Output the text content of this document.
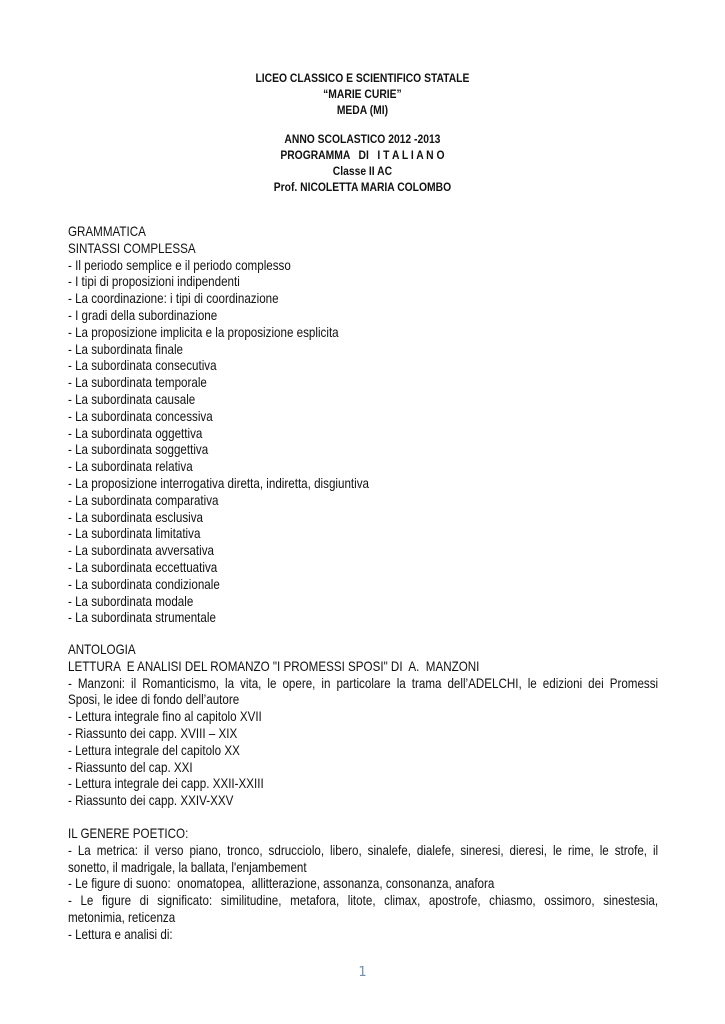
LICEO CLASSICO E SCIENTIFICO STATALE
“MARIE CURIE”
MEDA (MI)
ANNO SCOLASTICO 2012 -2013
PROGRAMMA   DI   I T A L I A N O
Classe II AC
Prof. NICOLETTA MARIA COLOMBO
GRAMMATICA
SINTASSI COMPLESSA
- Il periodo semplice e il periodo complesso
- I tipi di proposizioni indipendenti
- La coordinazione: i tipi di coordinazione
- I gradi della subordinazione
- La proposizione implicita e la proposizione esplicita
- La subordinata finale
- La subordinata consecutiva
- La subordinata temporale
- La subordinata causale
- La subordinata concessiva
- La subordinata oggettiva
- La subordinata soggettiva
- La subordinata relativa
- La proposizione interrogativa diretta, indiretta, disgiuntiva
- La subordinata comparativa
- La subordinata esclusiva
- La subordinata limitativa
- La subordinata avversativa
- La subordinata eccettuativa
- La subordinata condizionale
- La subordinata modale
- La subordinata strumentale
ANTOLOGIA
LETTURA  E ANALISI DEL ROMANZO "I PROMESSI SPOSI" DI  A.  MANZONI
- Manzoni: il Romanticismo, la vita, le opere, in particolare la trama dell’ADELCHI, le edizioni dei Promessi
Sposi, le idee di fondo dell’autore
- Lettura integrale fino al capitolo XVII
- Riassunto dei capp. XVIII – XIX
- Lettura integrale del capitolo XX
- Riassunto del cap. XXI
- Lettura integrale dei capp. XXII-XXIII
- Riassunto dei capp. XXIV-XXV
IL GENERE POETICO:
- La metrica: il verso piano, tronco, sdrucciolo, libero, sinalefe, dialefe, sineresi, dieresi, le rime, le strofe, il
sonetto, il madrigale, la ballata, l'enjambement
- Le figure di suono:  onomatopea,  allitterazione, assonanza, consonanza, anafora
- Le figure di significato: similitudine, metafora, litote, climax, apostrofe, chiasmo, ossimoro, sinestesia,
metonimia, reticenza
- Lettura e analisi di:
1
